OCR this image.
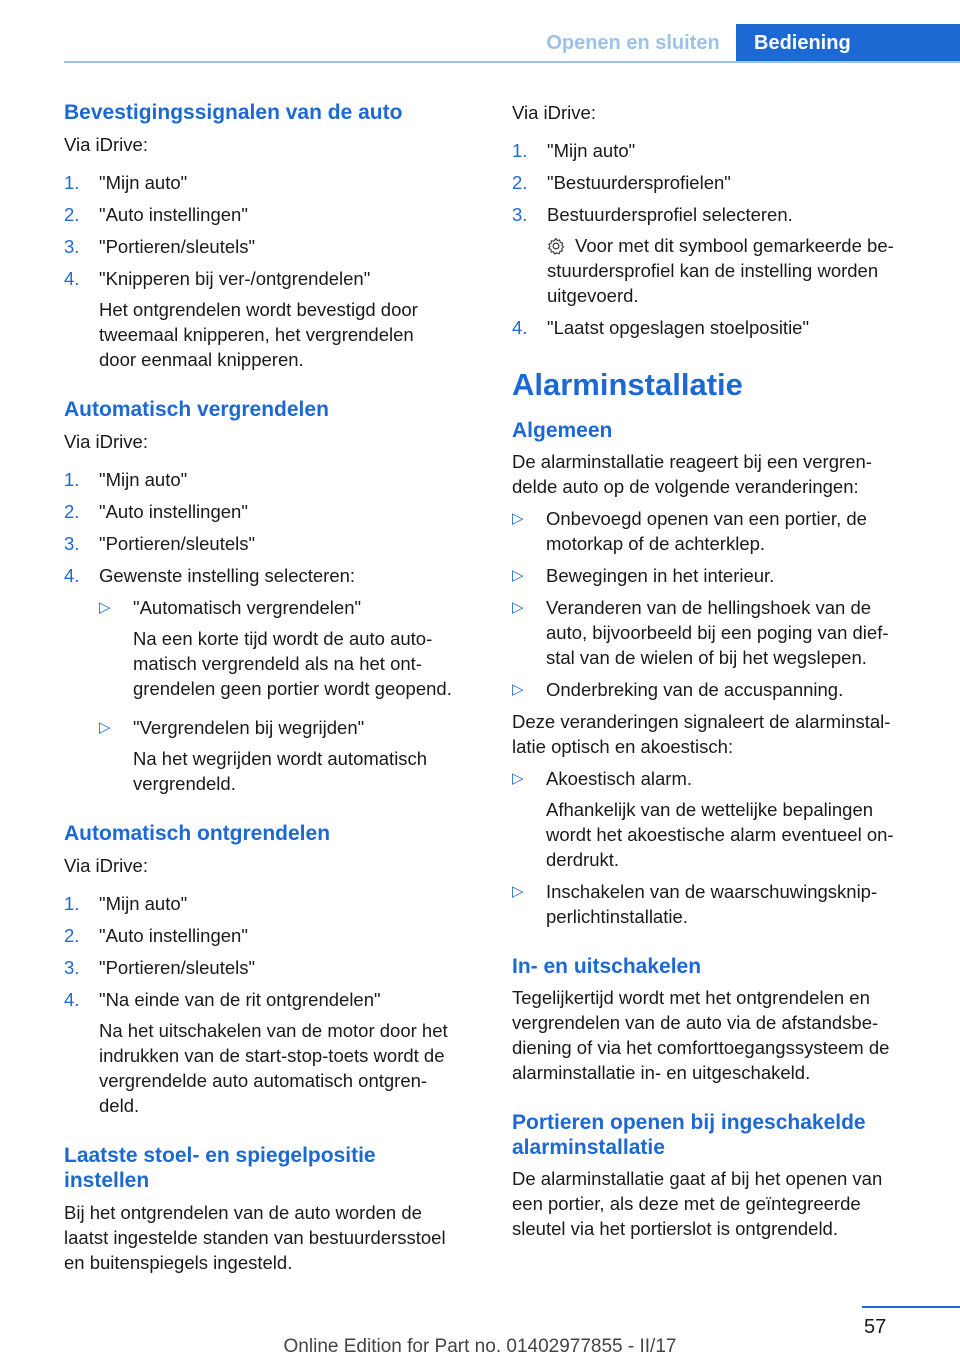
Openen en sluiten	Bediening
Bevestigingssignalen van de auto

Via iDrive:

1. "Mijn auto"
2. "Auto instellingen"
3. "Portieren/sleutels"
4. "Knipperen bij ver-/ontgrendelen"
Het ontgrendelen wordt bevestigd door
tweemaal knipperen, het vergrendelen
door eenmaal knipperen.
Automatisch vergrendelen

Via iDrive:

1. "Mijn auto"
2. "Auto instellingen"
3. "Portieren/sleutels"
4. Gewenste instelling selecteren:
▷ "Automatisch vergrendelen"
Na een korte tijd wordt de auto auto-
matisch vergrendeld als na het ont-
grendelen geen portier wordt geopend.
▷ "Vergrendelen bij wegrijden"
Na het wegrijden wordt automatisch
vergrendeld.
Automatisch ontgrendelen

Via iDrive:

1. "Mijn auto"
2. "Auto instellingen"
3. "Portieren/sleutels"
4. "Na einde van de rit ontgrendelen"
Na het uitschakelen van de motor door het
indrukken van de start-stop-toets wordt de
vergrendelde auto automatisch ontgren-
deld.
Laatste stoel- en spiegelpositie
instellen

Bij het ontgrendelen van de auto worden de
laatst ingestelde standen van bestuurdersstoel
en buitenspiegels ingesteld.

Via iDrive:

1. "Mijn auto"
2. "Bestuurdersprofielen"
3. Bestuurdersprofiel selecteren.
Voor met dit symbool gemarkeerde be-
stuurdersprofiel kan de instelling worden
uitgevoerd.
4. "Laatst opgeslagen stoelpositie"
Alarminstallatie
Algemeen

De alarminstallatie reageert bij een vergren-
delde auto op de volgende veranderingen:

▷ Onbevoegd openen van een portier, de
motorkap of de achterklep.
▷ Bewegingen in het interieur.
▷ Veranderen van de hellingshoek van de
auto, bijvoorbeeld bij een poging van dief-
stal van de wielen of bij het wegslepen.
▷ Onderbreking van de accuspanning.

Deze veranderingen signaleert de alarminstal-
latie optisch en akoestisch:

▷ Akoestisch alarm.
Afhankelijk van de wettelijke bepalingen
wordt het akoestische alarm eventueel on-
derdrukt.
▷ Inschakelen van de waarschuwingsknip-
perlichtinstallatie.
In- en uitschakelen

Tegelijkertijd wordt met het ontgrendelen en
vergrendelen van de auto via de afstandsbe-
diening of via het comforttoegangssysteem de
alarminstallatie in- en uitgeschakeld.

Portieren openen bij ingeschakelde
alarminstallatie

De alarminstallatie gaat af bij het openen van
een portier, als deze met de geïntegreerde
sleutel via het portierslot is ontgrendeld.

57
Online Edition for Part no. 01402977855 - II/17
